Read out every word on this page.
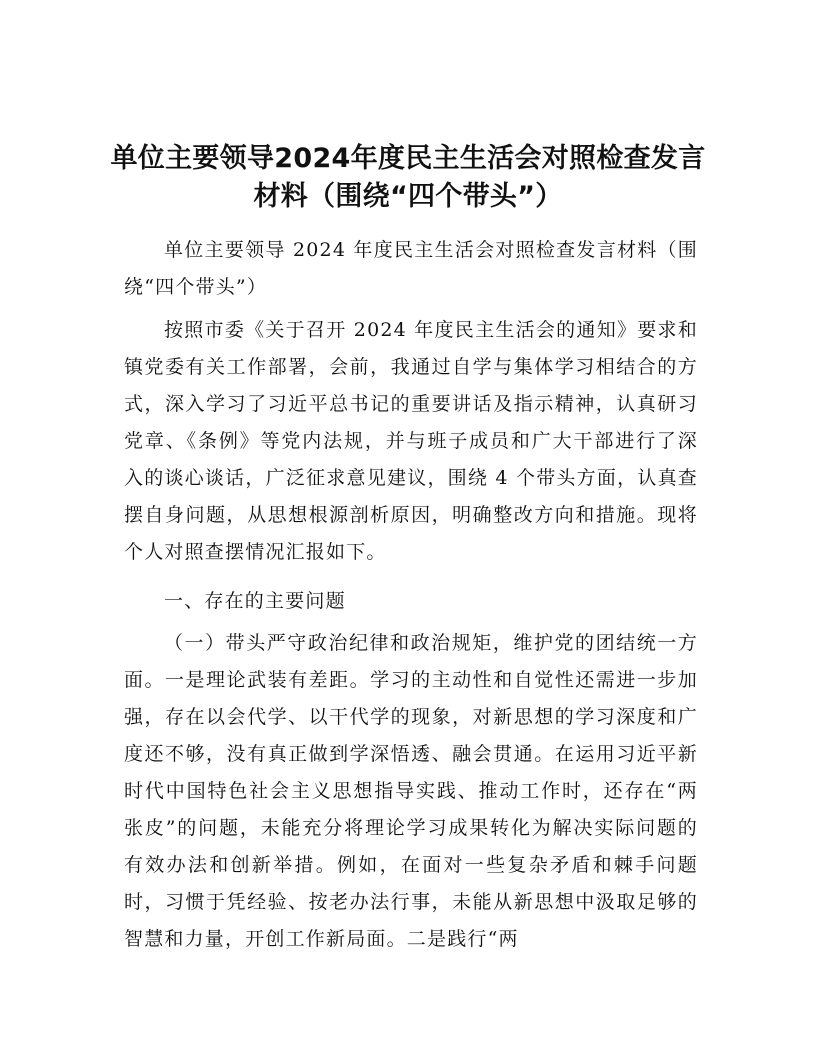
单位主要领导2024年度民主生活会对照检查发言材料（围绕“四个带头”）

单位主要领导 2024 年度民主生活会对照检查发言材料（围绕“四个带头”）

按照市委《关于召开 2024 年度民主生活会的通知》要求和镇党委有关工作部署，会前，我通过自学与集体学习相结合的方式，深入学习了习近平总书记的重要讲话及指示精神，认真研习党章、《条例》等党内法规，并与班子成员和广大干部进行了深入的谈心谈话，广泛征求意见建议，围绕 4 个带头方面，认真查摆自身问题，从思想根源剖析原因，明确整改方向和措施。现将个人对照查摆情况汇报如下。

一、存在的主要问题

（一）带头严守政治纪律和政治规矩，维护党的团结统一方面。一是理论武装有差距。学习的主动性和自觉性还需进一步加强，存在以会代学、以干代学的现象，对新思想的学习深度和广度还不够，没有真正做到学深悟透、融会贯通。在运用习近平新时代中国特色社会主义思想指导实践、推动工作时，还存在“两张皮”的问题，未能充分将理论学习成果转化为解决实际问题的有效办法和创新举措。例如，在面对一些复杂矛盾和棘手问题时，习惯于凭经验、按老办法行事，未能从新思想中汲取足够的智慧和力量，开创工作新局面。二是践行“两
